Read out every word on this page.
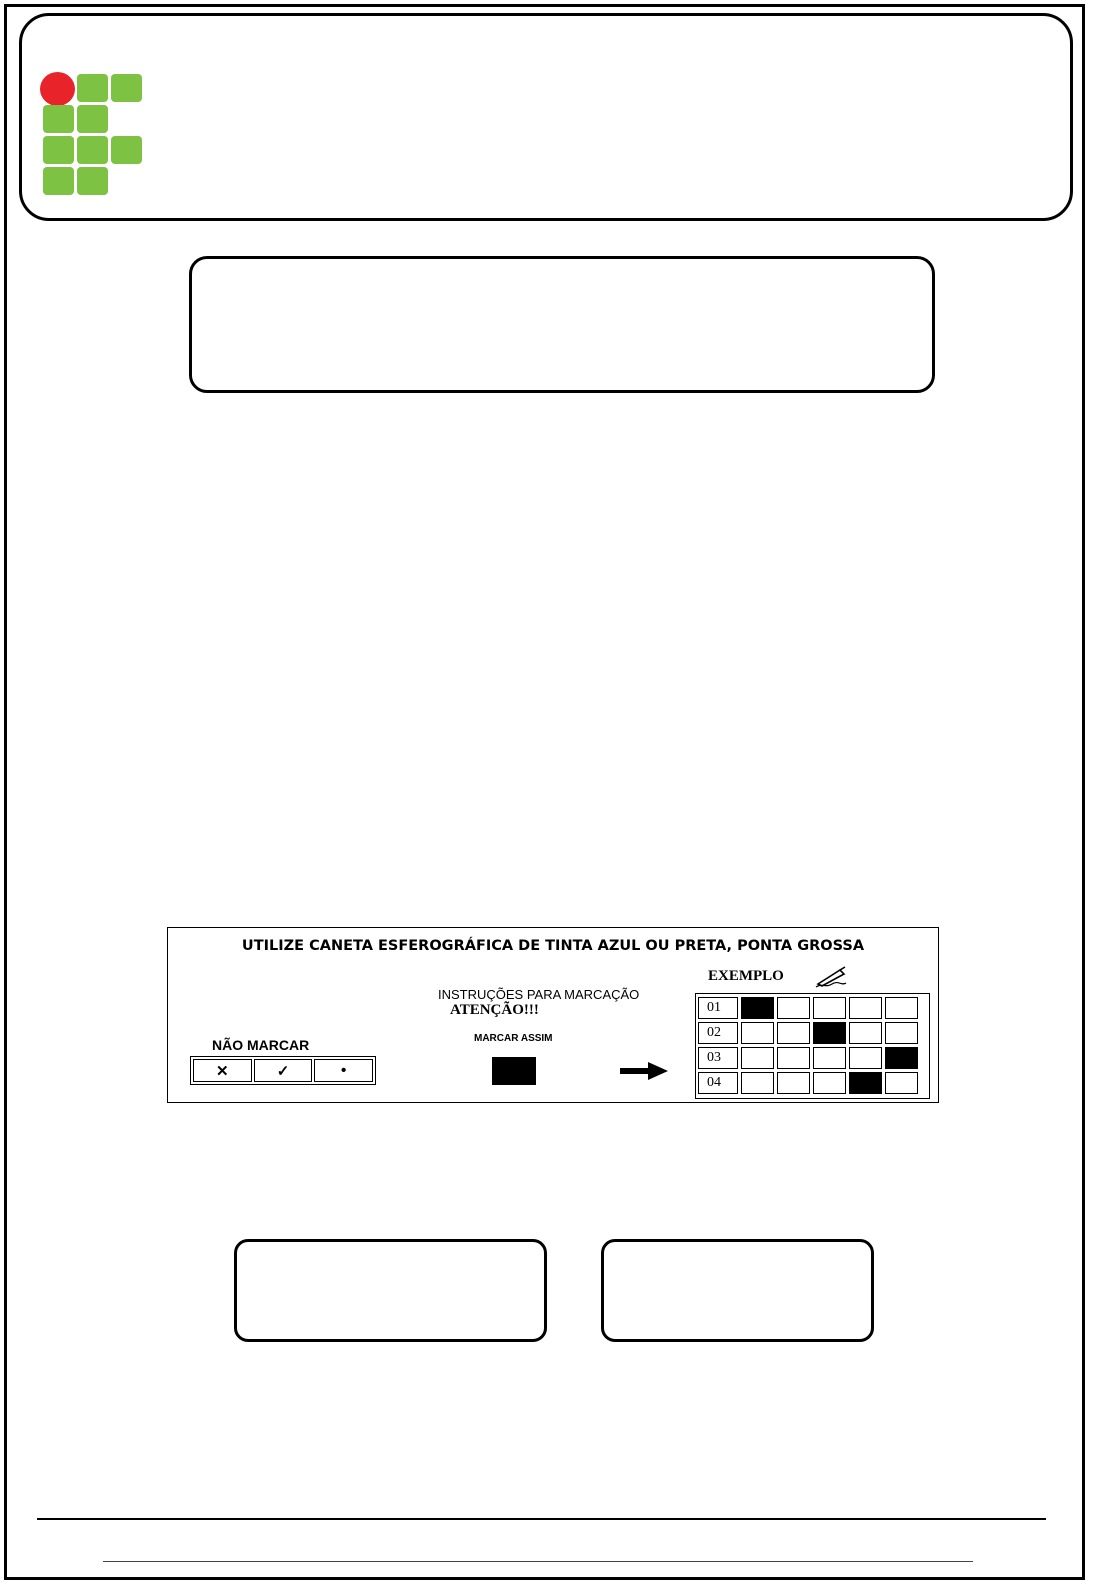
UTILIZE CANETA ESFEROGRÁFICA DE TINTA AZUL OU PRETA, PONTA GROSSA
INSTRUÇÕES PARA MARCAÇÃO
ATENÇÃO!!!
MARCAR ASSIM
NÃO MARCAR
✕	✓	•
EXEMPLO
01
02
03
04
